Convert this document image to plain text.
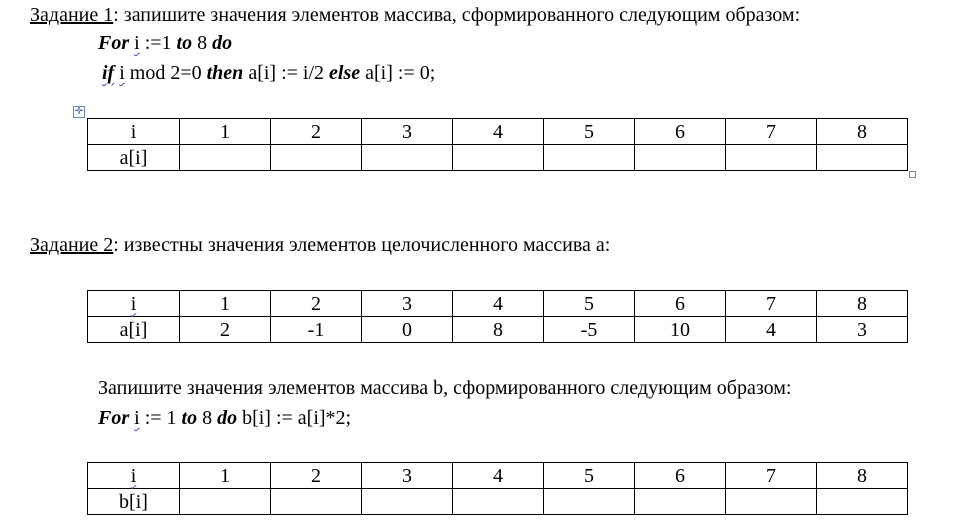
Задание 1: запишите значения элементов массива, сформированного следующим образом:
For i :=1 to 8 do
if i mod 2=0 then a[i] := i/2 else a[i] := 0;
✛
i	1	2	3	4	5	6	7	8
a[i]								
Задание 2: известны значения элементов целочисленного массива а:
i	1	2	3	4	5	6	7	8
a[i]	2	-1	0	8	-5	10	4	3
Запишите значения элементов массива b, сформированного следующим образом:
For i := 1 to 8 do b[i] := a[i]*2;
i	1	2	3	4	5	6	7	8
b[i]								
